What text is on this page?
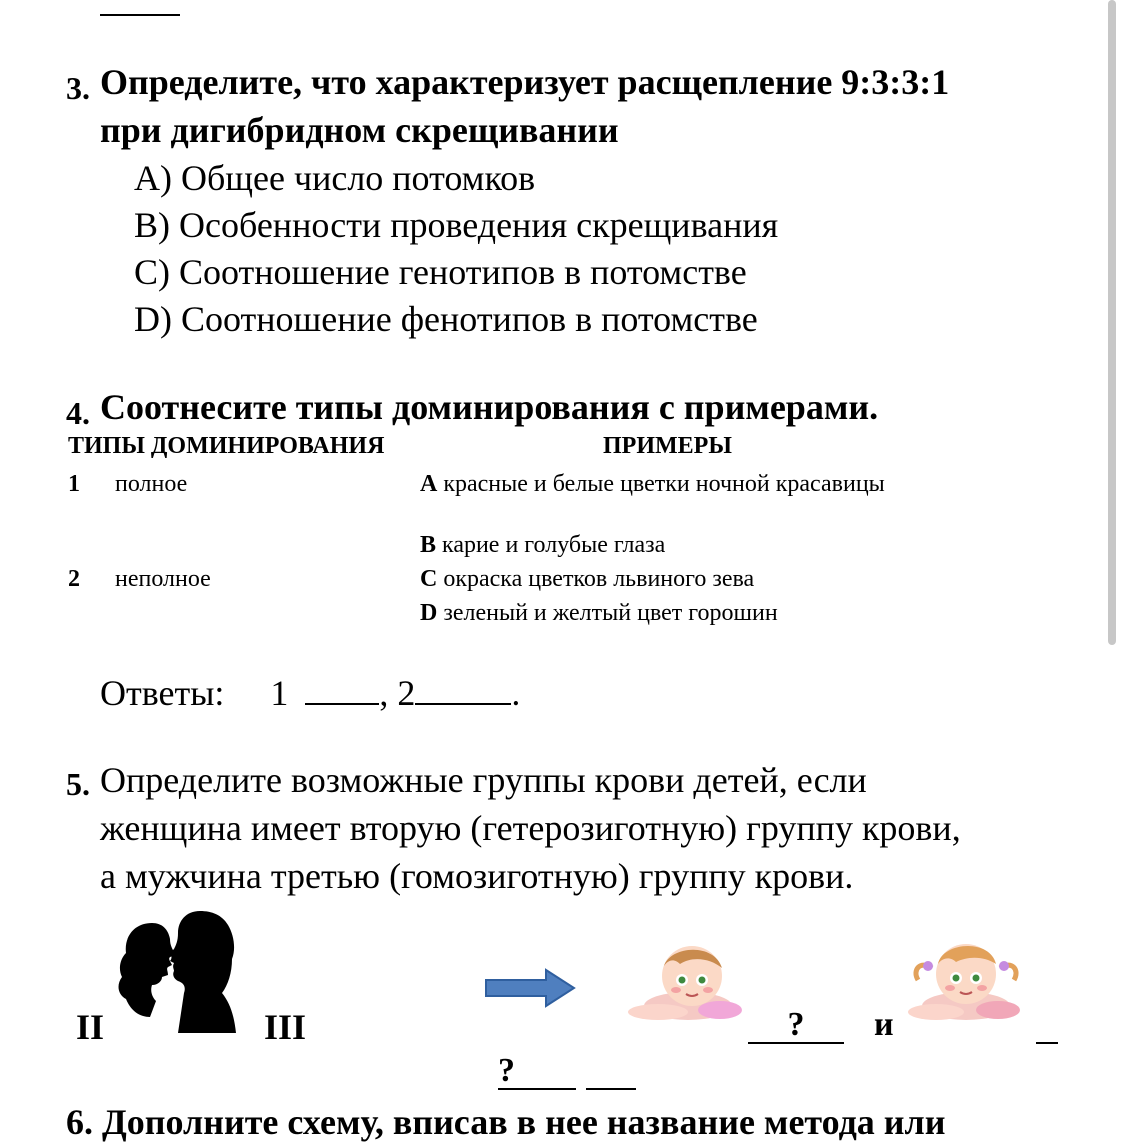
3. Определите, что характеризует расщепление 9:3:3:1
при дигибридном скрещивании
A) Общее число потомков
B) Особенности проведения скрещивания
C) Соотношение генотипов в потомстве
D) Соотношение фенотипов в потомстве
4. Соотнесите типы доминирования с примерами.
ТИПЫ ДОМИНИРОВАНИЯ	ПРИМЕРЫ
1 полное	A красные и белые цветки ночной красавицы
B карие и голубые глаза
2 неполное	C окраска цветков львиного зева
D зеленый и желтый цвет горошин
Ответы: 1	, 2	.
5. Определите возможные группы крови детей, если
женщина имеет вторую (гетерозиготную) группу крови,
а мужчина третью (гомозиготную) группу крови.
II	III	?	и
?
6. Дополните схему, вписав в нее название метода или
